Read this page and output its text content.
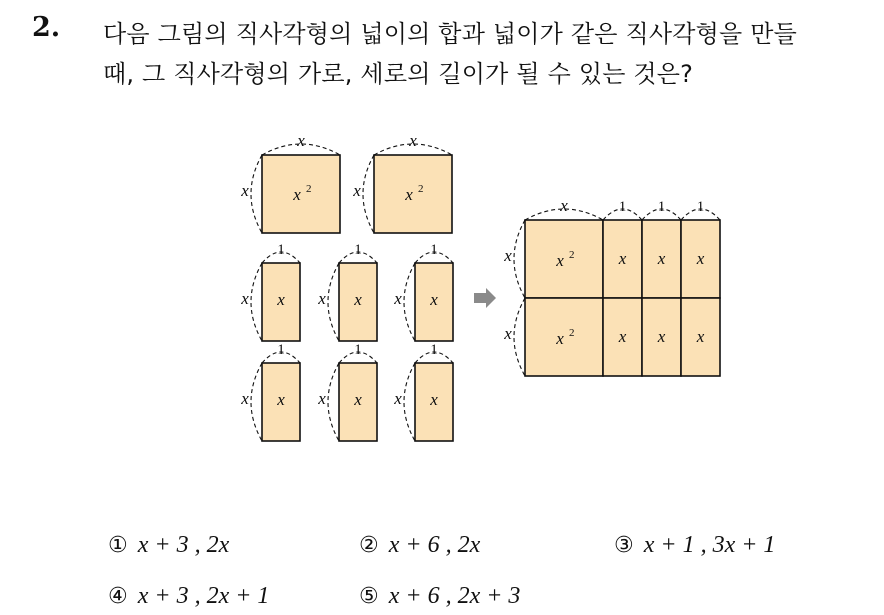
2. 다음 그림의 직사각형의 넓이의 합과 넓이가 같은 직사각형을 만들
때, 그 직사각형의 가로, 세로의 길이가 될 수 있는 것은?
x
x	x 2
x
x	x 2
1
x x
1
x x
1
x x
1
x x
1
x x
1
x x
x 2	x x x
x
x 2	x x x
x
x	1 1 1
① x + 3 , 2x	② x + 6 , 2x	③ x + 1 , 3x + 1
④ x + 3 , 2x + 1	⑤ x + 6 , 2x + 3
